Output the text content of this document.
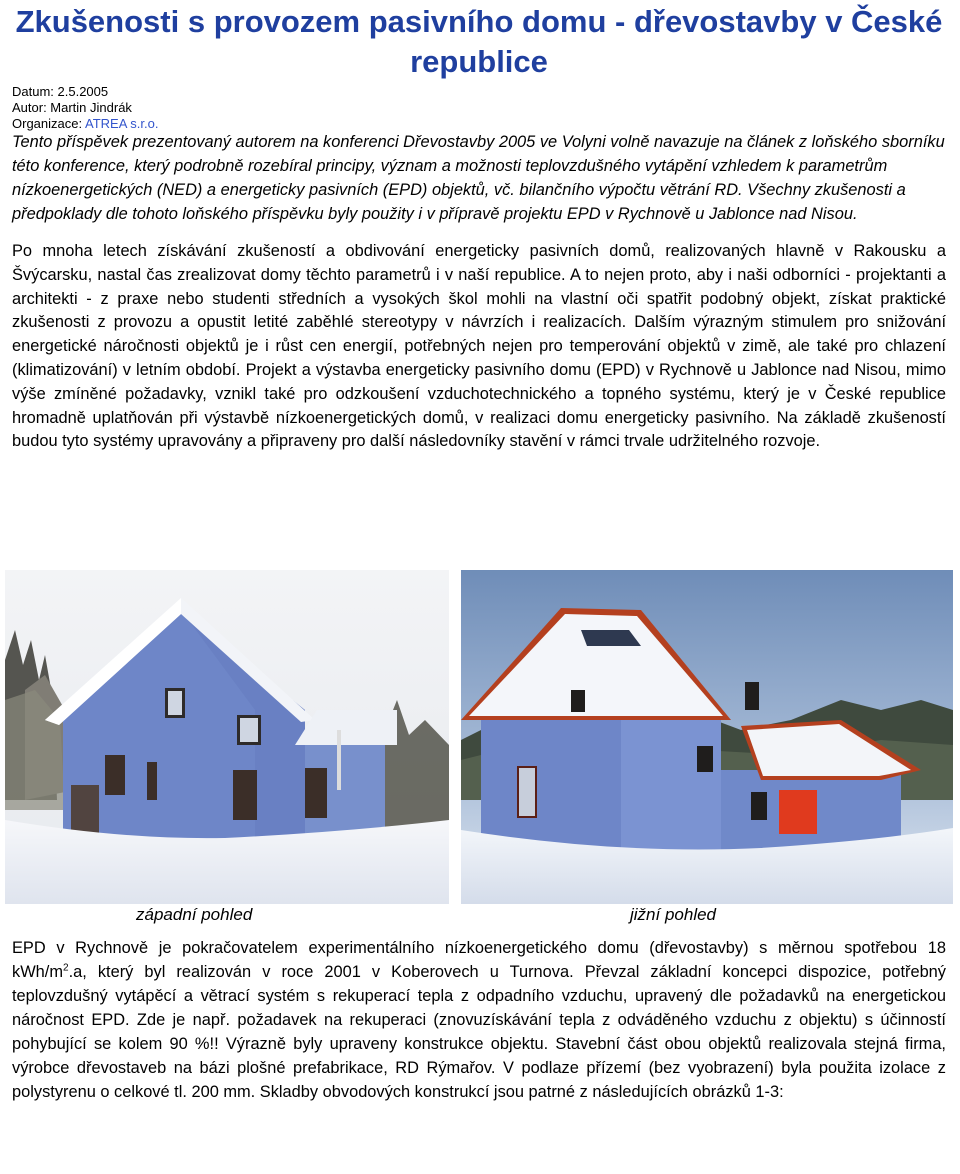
Zkušenosti s provozem pasivního domu - dřevostavby v České republice
Datum: 2.5.2005
Autor: Martin Jindrák
Organizace: ATREA s.r.o.
Tento příspěvek prezentovaný autorem na konferenci Dřevostavby 2005 ve Volyni volně navazuje na článek z loňského sborníku této konference, který podrobně rozebíral principy, význam a možnosti teplovzdušného vytápění vzhledem k parametrům nízkoenergetických (NED) a energeticky pasivních (EPD) objektů, vč. bilančního výpočtu větrání RD. Všechny zkušenosti a předpoklady dle tohoto loňského příspěvku byly použity i v přípravě projektu EPD v Rychnově u Jablonce nad Nisou.
Po mnoha letech získávání zkušeností a obdivování energeticky pasivních domů, realizovaných hlavně v Rakousku a Švýcarsku, nastal čas zrealizovat domy těchto parametrů i v naší republice. A to nejen proto, aby i naši odborníci - projektanti a architekti - z praxe nebo studenti středních a vysokých škol mohli na vlastní oči spatřit podobný objekt, získat praktické zkušenosti z provozu a opustit letité zaběhlé stereotypy v návrzích i realizacích. Dalším výrazným stimulem pro snižování energetické náročnosti objektů je i růst cen energií, potřebných nejen pro temperování objektů v zimě, ale také pro chlazení (klimatizování) v letním období. Projekt a výstavba energeticky pasivního domu (EPD) v Rychnově u Jablonce nad Nisou, mimo výše zmíněné požadavky, vznikl také pro odzkoušení vzduchotechnického a topného systému, který je v České republice hromadně uplatňován při výstavbě nízkoenergetických domů, v realizaci domu energeticky pasivního. Na základě zkušeností budou tyto systémy upravovány a připraveny pro další následovníky stavění v rámci trvale udržitelného rozvoje.
západní pohled	jižní pohled
EPD v Rychnově je pokračovatelem experimentálního nízkoenergetického domu (dřevostavby) s měrnou spotřebou 18 kWh/$m^2.a$, který byl realizován v roce 2001 v Koberovech u Turnova. Převzal základní koncepci dispozice, potřebný teplovzdušný vytápěcí a větrací systém s rekuperací tepla z odpadního vzduchu, upravený dle požadavků na energetickou náročnost EPD. Zde je např. požadavek na rekuperaci (znovuzískávání tepla z odváděného vzduchu z objektu) s účinností pohybující se kolem 90 %!! Výrazně byly upraveny konstrukce objektu. Stavební část obou objektů realizovala stejná firma, výrobce dřevostaveb na bázi plošné prefabrikace, RD Rýmařov. V podlaze přízemí (bez vyobrazení) byla použita izolace z polystyrenu o celkové tl. 200 mm. Skladby obvodových konstrukcí jsou patrné z následujících obrázků 1-3:
